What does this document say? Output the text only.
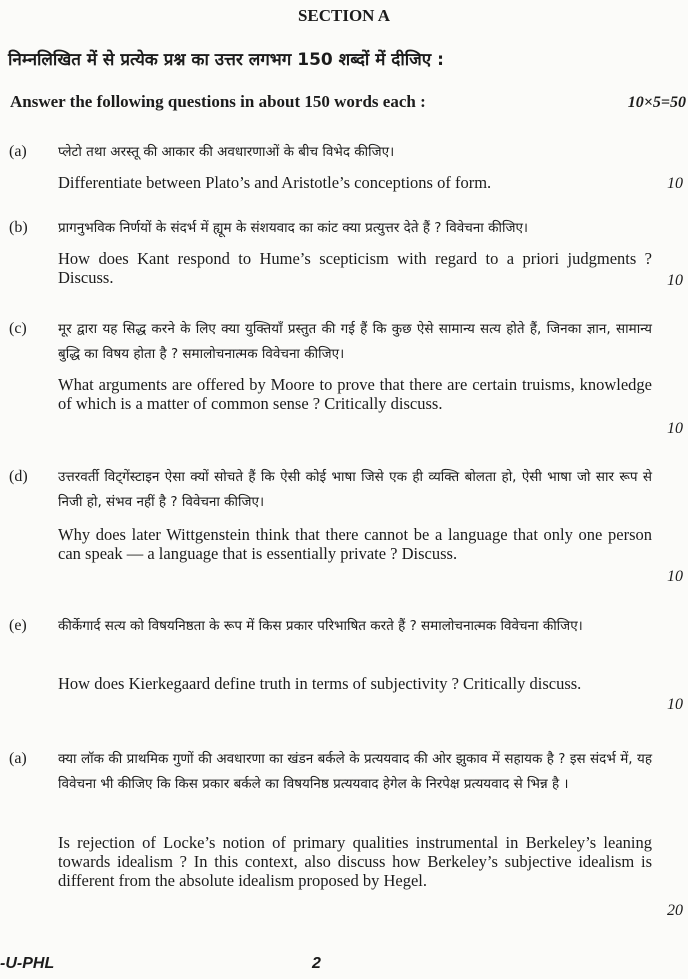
SECTION A
निम्नलिखित में से प्रत्येक प्रश्न का उत्तर लगभग 150 शब्दों में दीजिए :
Answer the following questions in about 150 words each :	10×5=50
(a) प्लेटो तथा अरस्तू की आकार की अवधारणाओं के बीच विभेद कीजिए।
Differentiate between Plato’s and Aristotle’s conceptions of form.	10
(b) प्रागनुभविक निर्णयों के संदर्भ में ह्यूम के संशयवाद का कांट क्या प्रत्युत्तर देते हैं ? विवेचना कीजिए।
How does Kant respond to Hume’s scepticism with regard to a priori judgments ? Discuss.	10
(c) मूर द्वारा यह सिद्ध करने के लिए क्या युक्तियाँ प्रस्तुत की गई हैं कि कुछ ऐसे सामान्य सत्य होते हैं, जिनका ज्ञान, सामान्य बुद्धि का विषय होता है ? समालोचनात्मक विवेचना कीजिए।
What arguments are offered by Moore to prove that there are certain truisms, knowledge of which is a matter of common sense ? Critically discuss.
10
(d) उत्तरवर्ती विट्गेंस्टाइन ऐसा क्यों सोचते हैं कि ऐसी कोई भाषा जिसे एक ही व्यक्ति बोलता हो, ऐसी भाषा जो सार रूप से निजी हो, संभव नहीं है ? विवेचना कीजिए।
Why does later Wittgenstein think that there cannot be a language that only one person can speak — a language that is essentially private ? Discuss.
10
(e) कीर्केगार्द सत्य को विषयनिष्ठता के रूप में किस प्रकार परिभाषित करते हैं ? समालोचनात्मक विवेचना कीजिए।
How does Kierkegaard define truth in terms of subjectivity ? Critically discuss.
10
(a) क्या लॉक की प्राथमिक गुणों की अवधारणा का खंडन बर्कले के प्रत्ययवाद की ओर झुकाव में सहायक है ? इस संदर्भ में, यह विवेचना भी कीजिए कि किस प्रकार बर्कले का विषयनिष्ठ प्रत्ययवाद हेगेल के निरपेक्ष प्रत्ययवाद से भिन्न है ।
Is rejection of Locke’s notion of primary qualities instrumental in Berkeley’s leaning towards idealism ? In this context, also discuss how Berkeley’s subjective idealism is different from the absolute idealism proposed by Hegel.
20
-U-PHL	2
